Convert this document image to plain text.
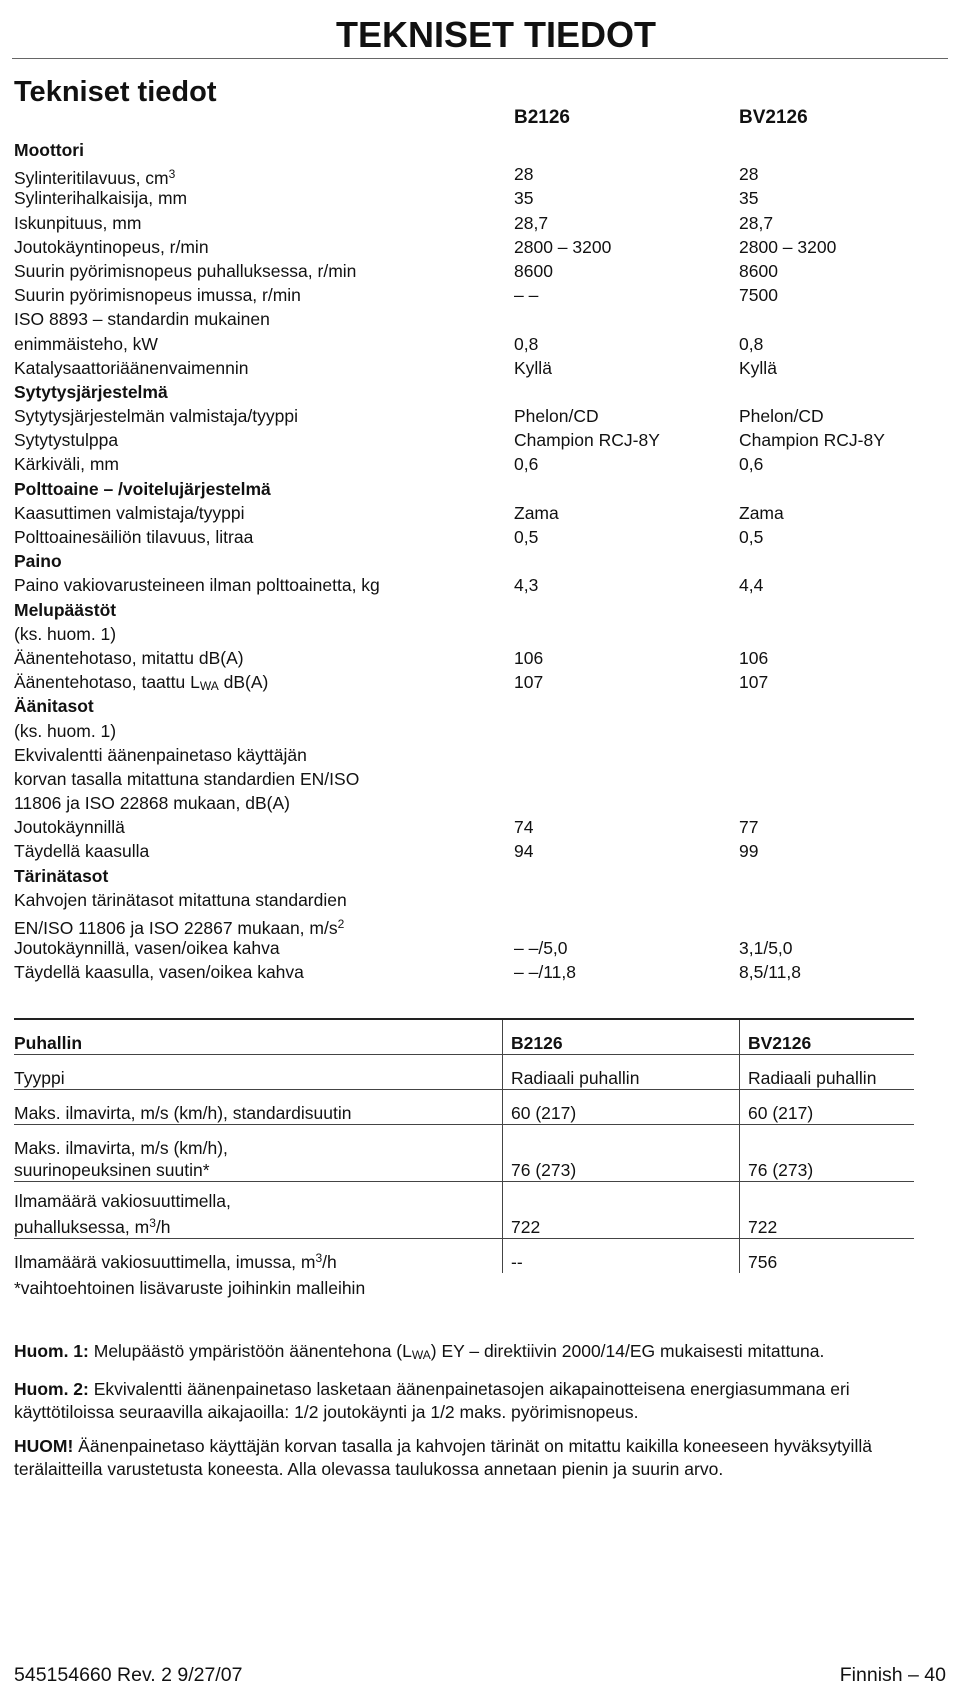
TEKNISET TIEDOT
Tekniset tiedot
B2126	BV2126
Moottori
Sylinteritilavuus, $cm^3$	28	28
Sylinterihalkaisija, mm	35	35
Iskunpituus, mm	28,7	28,7
Joutokäyntinopeus, r/min	2800 – 3200	2800 – 3200
Suurin pyörimisnopeus puhalluksessa, r/min	8600	8600
Suurin pyörimisnopeus imussa, r/min	– –	7500
ISO 8893 – standardin mukainen
enimmäisteho, kW	0,8	0,8
Katalysaattoriäänenvaimennin	Kyllä	Kyllä
Sytytysjärjestelmä
Sytytysjärjestelmän valmistaja/tyyppi	Phelon/CD	Phelon/CD
Sytytystulppa	Champion RCJ-8Y	Champion RCJ-8Y
Kärkiväli, mm	0,6	0,6
Polttoaine – /voitelujärjestelmä
Kaasuttimen valmistaja/tyyppi	Zama	Zama
Polttoainesäiliön tilavuus, litraa	0,5	0,5
Paino
Paino vakiovarusteineen ilman polttoainetta, kg	4,3	4,4
Melupäästöt
(ks. huom. 1)
Äänentehotaso, mitattu dB(A)	106	106
Äänentehotaso, taattu $L_{WA}$ dB(A)	107	107
Äänitasot
(ks. huom. 1)
Ekvivalentti äänenpainetaso käyttäjän
korvan tasalla mitattuna standardien EN/ISO
11806 ja ISO 22868 mukaan, dB(A)
Joutokäynnillä	74	77
Täydellä kaasulla	94	99
Tärinätasot
Kahvojen tärinätasot mitattuna standardien
EN/ISO 11806 ja ISO 22867 mukaan, $m/s^2$
Joutokäynnillä, vasen/oikea kahva	– –/5,0	3,1/5,0
Täydellä kaasulla, vasen/oikea kahva	– –/11,8	8,5/11,8
Puhallin	B2126	BV2126
Tyyppi	Radiaali puhallin	Radiaali puhallin
Maks. ilmavirta, m/s (km/h), standardisuutin	60 (217)	60 (217)
Maks. ilmavirta, m/s (km/h),
suurinopeuksinen suutin*	76 (273)	76 (273)
Ilmamäärä vakiosuuttimella,
puhalluksessa, $m^3/h$	722	722
Ilmamäärä vakiosuuttimella, imussa, $m^3/h$	--	756
*vaihtoehtoinen lisävaruste joihinkin malleihin

Huom. 1: Melupäästö ympäristöön äänentehona $(L_{WA})$ EY – direktiivin 2000/14/EG mukaisesti mitattuna.

Huom. 2: Ekvivalentti äänenpainetaso lasketaan äänenpainetasojen aikapainotteisena energiasummana eri käyttötiloissa seuraavilla aikajaoilla: 1/2 joutokäynti ja 1/2 maks. pyörimisnopeus.

HUOM! Äänenpainetaso käyttäjän korvan tasalla ja kahvojen tärinät on mitattu kaikilla koneeseen hyväksytyillä terälaitteilla varustetusta koneesta. Alla olevassa taulukossa annetaan pienin ja suurin arvo.

545154660 Rev. 2 9/27/07	Finnish – 40
